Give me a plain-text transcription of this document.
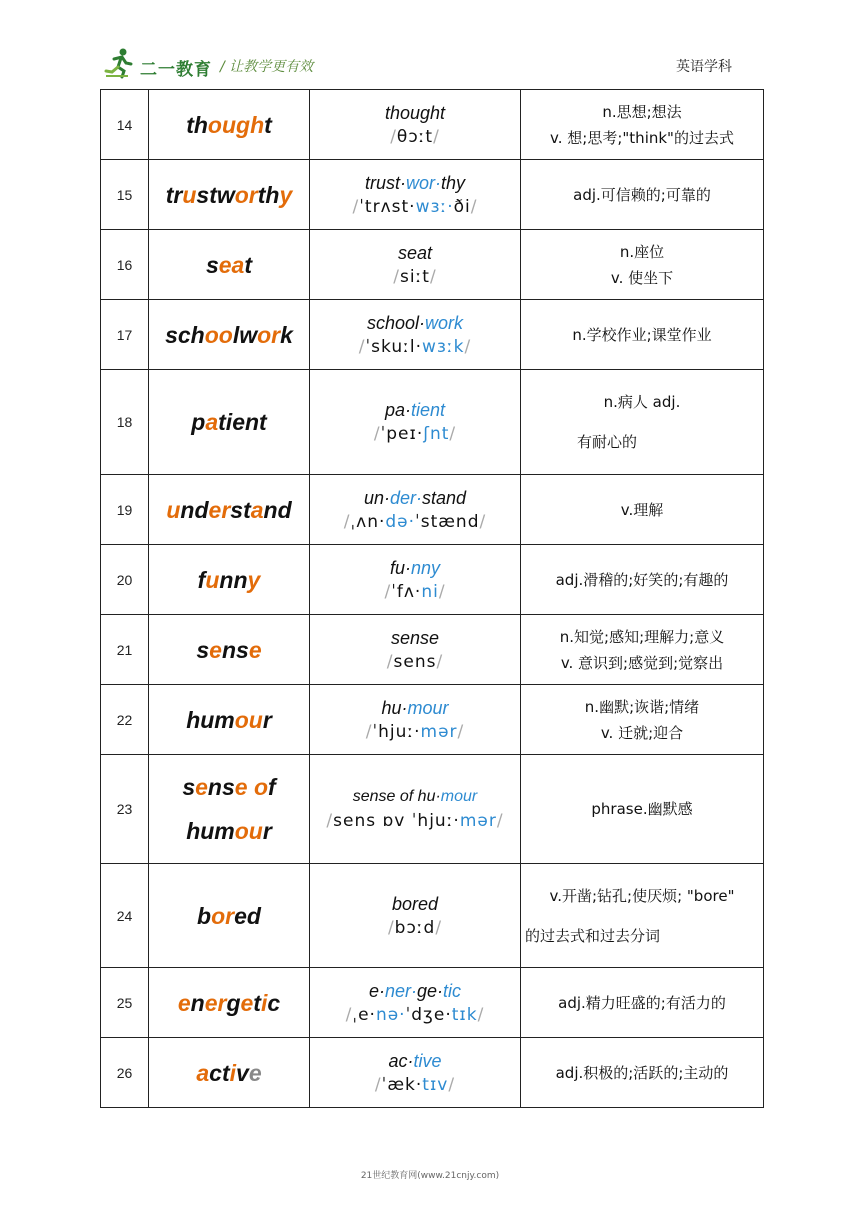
二一教育 / 让教学更有效	英语学科
14	thought	thought
/θɔːt/	n.思想;想法
v. 想;思考;"think"的过去式

15	trustworthy	trust·wor·thy
/ˈtrʌst·wɜː·ði/	adj.可信赖的;可靠的

16	seat	seat
/siːt/	n.座位
v. 使坐下

17	schoolwork	school·work
/ˈskuːl·wɜːk/	n.学校作业;课堂作业

18	patient	pa·tient
/ˈpeɪ·ʃnt/	n.病人 adj.
有耐心的

19	understand	un·der·stand
/ˌʌn·də·ˈstænd/	v.理解

20	funny	fu·nny
/ˈfʌ·ni/	adj.滑稽的;好笑的;有趣的

21	sense	sense
/sens/	n.知觉;感知;理解力;意义
v. 意识到;感觉到;觉察出

22	humour	hu·mour
/ˈhjuː·mər/	n.幽默;诙谐;情绪
v. 迁就;迎合

23	sense of
humour	sense of hu·mour
/sens ɒv ˈhjuː·mər/	phrase.幽默感

24	bored	bored
/bɔːd/	v.开凿;钻孔;使厌烦; "bore"
的过去式和过去分词

25	energetic	e·ner·ge·tic
/ˌe·nə·ˈdʒe·tɪk/	adj.精力旺盛的;有活力的

26	active	ac·tive
/ˈæk·tɪv/	adj.积极的;活跃的;主动的
21世纪教育网(www.21cnjy.com)
